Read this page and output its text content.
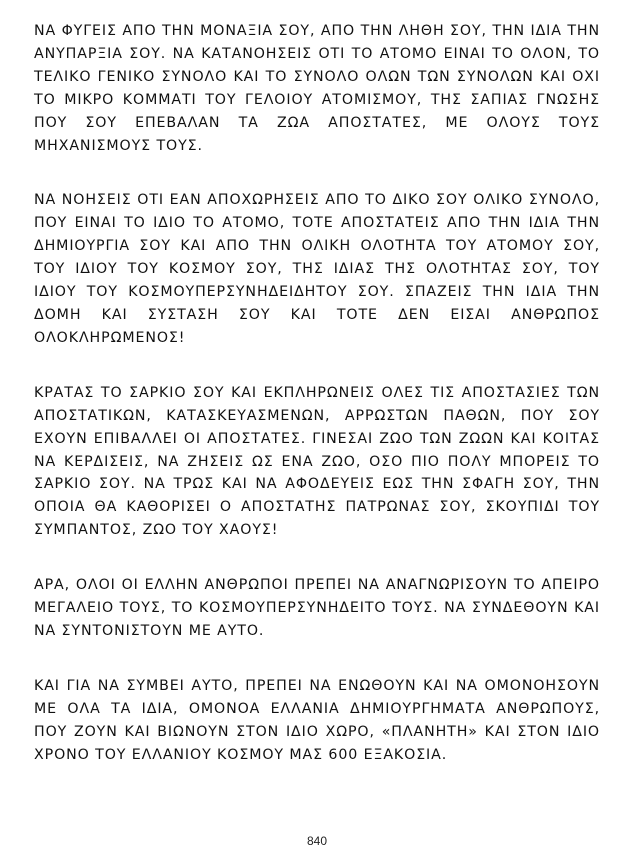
ΝΑ ΦΥΓΕΙΣ ΑΠΟ ΤΗΝ ΜΟΝΑΞΙΑ ΣΟΥ, ΑΠΟ ΤΗΝ ΛΗΘΗ ΣΟΥ, ΤΗΝ ΙΔΙΑ ΤΗΝ ΑΝΥΠΑΡΞΙΑ ΣΟΥ. ΝΑ ΚΑΤΑΝΟΗΣΕΙΣ ΟΤΙ ΤΟ ΑΤΟΜΟ ΕΙΝΑΙ ΤΟ ΟΛΟΝ, ΤΟ ΤΕΛΙΚΟ ΓΕΝΙΚΟ ΣΥΝΟΛΟ ΚΑΙ ΤΟ ΣΥΝΟΛΟ ΟΛΩΝ ΤΩΝ ΣΥΝΟΛΩΝ ΚΑΙ ΟΧΙ ΤΟ ΜΙΚΡΟ ΚΟΜΜΑΤΙ ΤΟΥ ΓΕΛΟΙΟΥ ΑΤΟΜΙΣΜΟΥ, ΤΗΣ ΣΑΠΙΑΣ ΓΝΩΣΗΣ ΠΟΥ ΣΟΥ ΕΠΕΒΑΛΑΝ ΤΑ ΖΩΑ ΑΠΟΣΤΑΤΕΣ, ΜΕ ΟΛΟΥΣ ΤΟΥΣ ΜΗΧΑΝΙΣΜΟΥΣ ΤΟΥΣ.

ΝΑ ΝΟΗΣΕΙΣ ΟΤΙ ΕΑΝ ΑΠΟΧΩΡΗΣΕΙΣ ΑΠΟ ΤΟ ΔΙΚΟ ΣΟΥ ΟΛΙΚΟ ΣΥΝΟΛΟ, ΠΟΥ ΕΙΝΑΙ ΤΟ ΙΔΙΟ ΤΟ ΑΤΟΜΟ, ΤΟΤΕ ΑΠΟΣΤΑΤΕΙΣ ΑΠΟ ΤΗΝ ΙΔΙΑ ΤΗΝ ΔΗΜΙΟΥΡΓΙΑ ΣΟΥ ΚΑΙ ΑΠΟ ΤΗΝ ΟΛΙΚΗ ΟΛΟΤΗΤΑ ΤΟΥ ΑΤΟΜΟΥ ΣΟΥ, ΤΟΥ ΙΔΙΟΥ ΤΟΥ ΚΟΣΜΟΥ ΣΟΥ, ΤΗΣ ΙΔΙΑΣ ΤΗΣ ΟΛΟΤΗΤΑΣ ΣΟΥ, ΤΟΥ ΙΔΙΟΥ ΤΟΥ ΚΟΣΜΟΥΠΕΡΣΥΝΗΔΕΙΔΗΤΟΥ ΣΟΥ. ΣΠΑΖΕΙΣ ΤΗΝ ΙΔΙΑ ΤΗΝ ΔΟΜΗ ΚΑΙ ΣΥΣΤΑΣΗ ΣΟΥ ΚΑΙ ΤΟΤΕ ΔΕΝ ΕΙΣΑΙ ΑΝΘΡΩΠΟΣ ΟΛΟΚΛΗΡΩΜΕΝΟΣ!

ΚΡΑΤΑΣ ΤΟ ΣΑΡΚΙΟ ΣΟΥ ΚΑΙ ΕΚΠΛΗΡΩΝΕΙΣ ΟΛΕΣ ΤΙΣ ΑΠΟΣΤΑΣΙΕΣ ΤΩΝ ΑΠΟΣΤΑΤΙΚΩΝ, ΚΑΤΑΣΚΕΥΑΣΜΕΝΩΝ, ΑΡΡΩΣΤΩΝ ΠΑΘΩΝ, ΠΟΥ ΣΟΥ ΕΧΟΥΝ ΕΠΙΒΑΛΛΕΙ ΟΙ ΑΠΟΣΤΑΤΕΣ. ΓΙΝΕΣΑΙ ΖΩΟ ΤΩΝ ΖΩΩΝ ΚΑΙ ΚΟΙΤΑΣ ΝΑ ΚΕΡΔΙΣΕΙΣ, ΝΑ ΖΗΣΕΙΣ ΩΣ ΕΝΑ ΖΩΟ, ΟΣΟ ΠΙΟ ΠΟΛΥ ΜΠΟΡΕΙΣ ΤΟ ΣΑΡΚΙΟ ΣΟΥ. ΝΑ ΤΡΩΣ ΚΑΙ ΝΑ ΑΦΟΔΕΥΕΙΣ ΕΩΣ ΤΗΝ ΣΦΑΓΗ ΣΟΥ, ΤΗΝ ΟΠΟΙΑ ΘΑ ΚΑΘΟΡΙΣΕΙ Ο ΑΠΟΣΤΑΤΗΣ ΠΑΤΡΩΝΑΣ ΣΟΥ, ΣΚΟΥΠΙΔΙ ΤΟΥ ΣΥΜΠΑΝΤΟΣ, ΖΩΟ ΤΟΥ ΧΑΟΥΣ!

ΑΡΑ, ΟΛΟΙ ΟΙ ΕΛΛΗΝ ΑΝΘΡΩΠΟΙ ΠΡΕΠΕΙ ΝΑ ΑΝΑΓΝΩΡΙΣΟΥΝ ΤΟ ΑΠΕΙΡΟ ΜΕΓΑΛΕΙΟ ΤΟΥΣ, ΤΟ ΚΟΣΜΟΥΠΕΡΣΥΝΗΔΕΙΤΟ ΤΟΥΣ. ΝΑ ΣΥΝΔΕΘΟΥΝ ΚΑΙ ΝΑ ΣΥΝΤΟΝΙΣΤΟΥΝ ΜΕ ΑΥΤΟ.

ΚΑΙ ΓΙΑ ΝΑ ΣΥΜΒΕΙ ΑΥΤΟ, ΠΡΕΠΕΙ ΝΑ ΕΝΩΘΟΥΝ ΚΑΙ ΝΑ ΟΜΟΝΟΗΣΟΥΝ ΜΕ ΟΛΑ ΤΑ ΙΔΙΑ, ΟΜΟΝΟΑ ΕΛΛΑΝΙΑ ΔΗΜΙΟΥΡΓΗΜΑΤΑ ΑΝΘΡΩΠΟΥΣ, ΠΟΥ ΖΟΥΝ ΚΑΙ ΒΙΩΝΟΥΝ ΣΤΟΝ ΙΔΙΟ ΧΩΡΟ, «ΠΛΑΝΗΤΗ» ΚΑΙ ΣΤΟΝ ΙΔΙΟ ΧΡΟΝΟ ΤΟΥ ΕΛΛΑΝΙΟΥ ΚΟΣΜΟΥ ΜΑΣ 600 ΕΞΑΚΟΣΙΑ.

840
